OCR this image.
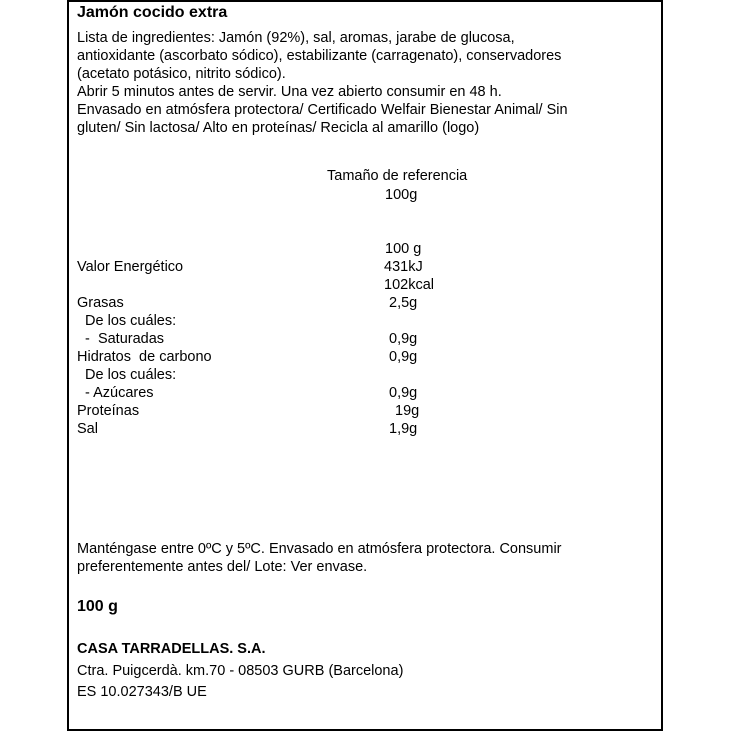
Jamón cocido extra
Lista de ingredientes: Jamón (92%), sal, aromas, jarabe de glucosa,
antioxidante (ascorbato sódico), estabilizante (carragenato), conservadores
(acetato potásico, nitrito sódico).
Abrir 5 minutos antes de servir. Una vez abierto consumir en 48 h.
Envasado en atmósfera protectora/ Certificado Welfair Bienestar Animal/ Sin
gluten/ Sin lactosa/ Alto en proteínas/ Recicla al amarillo (logo)
Tamaño de referencia
100g
100 g
Valor Energético	431kJ
102kcal
Grasas	2,5g
De los cuáles:
-  Saturadas	0,9g
Hidratos  de carbono	0,9g
De los cuáles:
- Azúcares	0,9g
Proteínas	19g
Sal	1,9g
Manténgase entre 0ºC y 5ºC. Envasado en atmósfera protectora. Consumir
preferentemente antes del/ Lote: Ver envase.
100 g
CASA TARRADELLAS. S.A.
Ctra. Puigcerdà. km.70 - 08503 GURB (Barcelona)
ES 10.027343/B UE
